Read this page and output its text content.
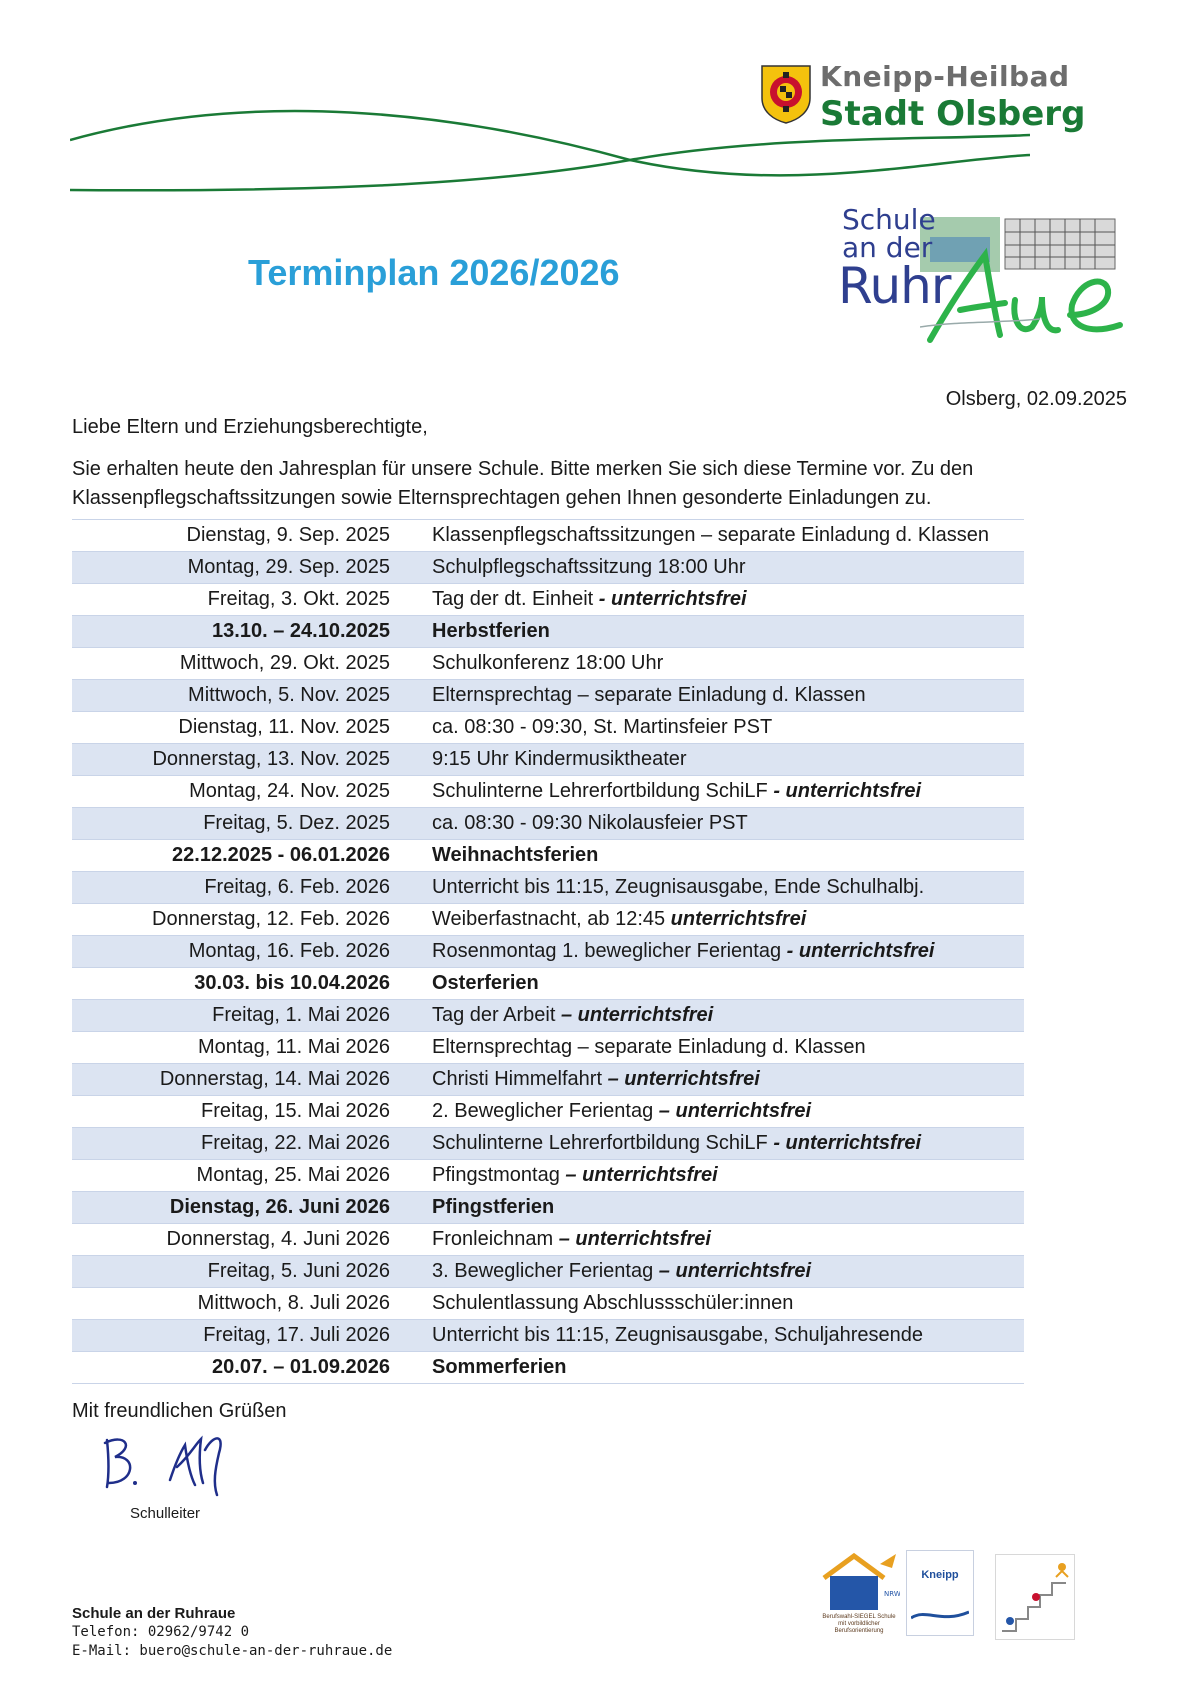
Kneipp-Heilbad
Stadt Olsberg
Schule
an der
Ruhr
Terminplan 2026/2026
Olsberg, 02.09.2025
Liebe Eltern und Erziehungsberechtigte,
Sie erhalten heute den Jahresplan für unsere Schule. Bitte merken Sie sich diese Termine vor. Zu den Klassenpflegschaftssitzungen sowie Elternsprechtagen gehen Ihnen gesonderte Einladungen zu.
Dienstag, 9. Sep. 2025		Klassenpflegschaftssitzungen – separate Einladung d. Klassen
Montag, 29. Sep. 2025		Schulpflegschaftssitzung 18:00 Uhr
Freitag, 3. Okt. 2025		Tag der dt. Einheit - unterrichtsfrei
13.10. – 24.10.2025		Herbstferien
Mittwoch, 29. Okt. 2025		Schulkonferenz 18:00 Uhr
Mittwoch, 5. Nov. 2025		Elternsprechtag – separate Einladung d. Klassen
Dienstag, 11. Nov. 2025		ca. 08:30 - 09:30, St. Martinsfeier PST
Donnerstag, 13. Nov. 2025		9:15 Uhr Kindermusiktheater
Montag, 24. Nov. 2025		Schulinterne Lehrerfortbildung SchiLF - unterrichtsfrei
Freitag, 5. Dez. 2025		ca. 08:30 - 09:30 Nikolausfeier PST
22.12.2025 - 06.01.2026		Weihnachtsferien
Freitag, 6. Feb. 2026		Unterricht bis 11:15, Zeugnisausgabe, Ende Schulhalbj.
Donnerstag, 12. Feb. 2026		Weiberfastnacht, ab 12:45 unterrichtsfrei
Montag, 16. Feb. 2026		Rosenmontag 1. beweglicher Ferientag - unterrichtsfrei
30.03. bis 10.04.2026		Osterferien
Freitag, 1. Mai 2026		Tag der Arbeit – unterrichtsfrei
Montag, 11. Mai 2026		Elternsprechtag – separate Einladung d. Klassen
Donnerstag, 14. Mai 2026		Christi Himmelfahrt – unterrichtsfrei
Freitag, 15. Mai 2026		2. Beweglicher Ferientag – unterrichtsfrei
Freitag, 22. Mai 2026		Schulinterne Lehrerfortbildung SchiLF - unterrichtsfrei
Montag, 25. Mai 2026		Pfingstmontag – unterrichtsfrei
Dienstag, 26. Juni 2026		Pfingstferien
Donnerstag, 4. Juni 2026		Fronleichnam – unterrichtsfrei
Freitag, 5. Juni 2026		3. Beweglicher Ferientag – unterrichtsfrei
Mittwoch, 8. Juli 2026		Schulentlassung Abschlussschüler:innen
Freitag, 17. Juli 2026		Unterricht bis 11:15, Zeugnisausgabe, Schuljahresende
20.07. – 01.09.2026		Sommerferien
Mit freundlichen Grüßen
Schulleiter
Schule an der Ruhraue
Telefon: 02962/9742 0
E-Mail: buero@schule-an-der-ruhraue.de
NRW
Berufswahl-SIEGEL Schule mit vorbildlicher Berufsorientierung
Kneipp
